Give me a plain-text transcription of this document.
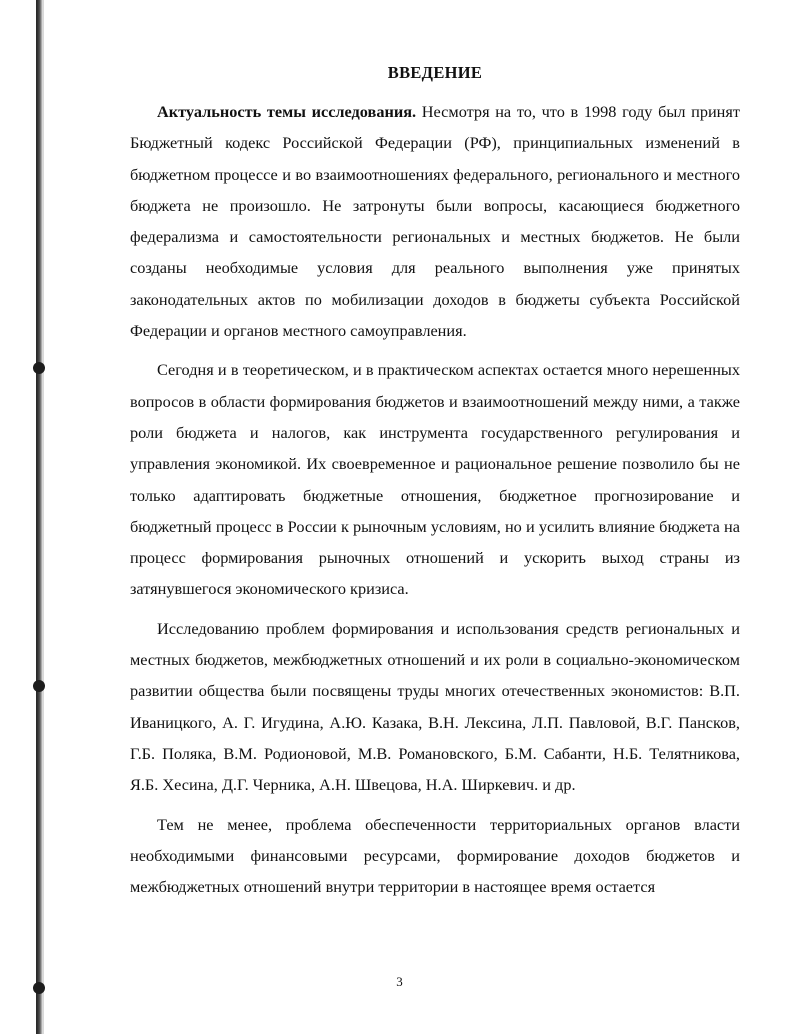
ВВЕДЕНИЕ

Актуальность темы исследования. Несмотря на то, что в 1998 году был принят Бюджетный кодекс Российской Федерации (РФ), принципиальных изменений в бюджетном процессе и во взаимоотношениях федерального, регионального и местного бюджета не произошло. Не затронуты были вопросы, касающиеся бюджетного федерализма и самостоятельности региональных и местных бюджетов. Не были созданы необходимые условия для реального выполнения уже принятых законодательных актов по мобилизации доходов в бюджеты субъекта Российской Федерации и органов местного самоуправления.

Сегодня и в теоретическом, и в практическом аспектах остается много нерешенных вопросов в области формирования бюджетов и взаимоотношений между ними, а также роли бюджета и налогов, как инструмента государственного регулирования и управления экономикой. Их своевременное и рациональное решение позволило бы не только адаптировать бюджетные отношения, бюджетное прогнозирование и бюджетный процесс в России к рыночным условиям, но и усилить влияние бюджета на процесс формирования рыночных отношений и ускорить выход страны из затянувшегося экономического кризиса.

Исследованию проблем формирования и использования средств региональных и местных бюджетов, межбюджетных отношений и их роли в социально-экономическом развитии общества были посвящены труды многих отечественных экономистов: В.П. Иваницкого, А. Г. Игудина, А.Ю. Казака, В.Н. Лексина, Л.П. Павловой, В.Г. Пансков, Г.Б. Поляка, В.М. Родионовой, М.В. Романовского, Б.М. Сабанти, Н.Б. Телятникова, Я.Б. Хесина, Д.Г. Черника, А.Н. Швецова, Н.А. Ширкевич. и др.

Тем не менее, проблема обеспеченности территориальных органов власти необходимыми финансовыми ресурсами, формирование доходов бюджетов и межбюджетных отношений внутри территории в настоящее время остается

3
